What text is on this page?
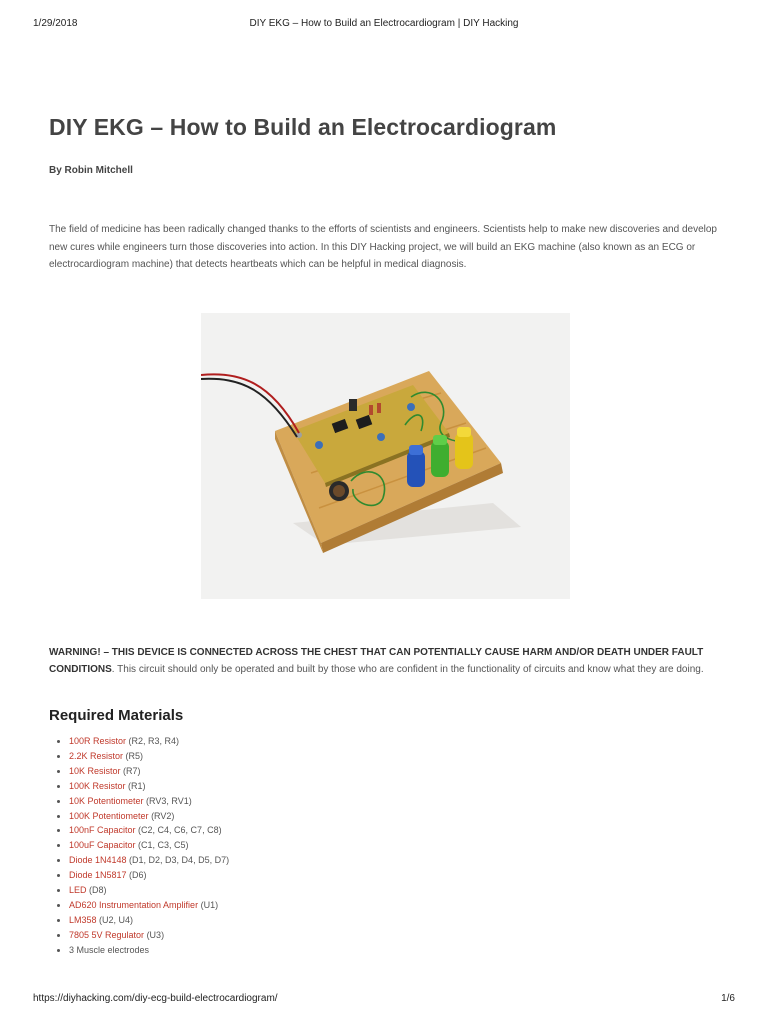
1/29/2018	DIY EKG – How to Build an Electrocardiogram | DIY Hacking
DIY EKG – How to Build an Electrocardiogram
By Robin Mitchell

The field of medicine has been radically changed thanks to the efforts of scientists and engineers. Scientists help to make new discoveries and develop new cures while engineers turn those discoveries into action. In this DIY Hacking project, we will build an EKG machine (also known as an ECG or electrocardiogram machine) that detects heartbeats which can be helpful in medical diagnosis.

WARNING! – THIS DEVICE IS CONNECTED ACROSS THE CHEST THAT CAN POTENTIALLY CAUSE HARM AND/OR DEATH UNDER FAULT CONDITIONS. This circuit should only be operated and built by those who are confident in the functionality of circuits and know what they are doing.

Required Materials
• 100R Resistor (R2, R3, R4)
• 2.2K Resistor (R5)
• 10K Resistor (R7)
• 100K Resistor (R1)
• 10K Potentiometer (RV3, RV1)
• 100K Potentiometer (RV2)
• 100nF Capacitor (C2, C4, C6, C7, C8)
• 100uF Capacitor (C1, C3, C5)
• Diode 1N4148 (D1, D2, D3, D4, D5, D7)
• Diode 1N5817 (D6)
• LED (D8)
• AD620 Instrumentation Amplifier (U1)
• LM358 (U2, U4)
• 7805 5V Regulator (U3)
• 3 Muscle electrodes
https://diyhacking.com/diy-ecg-build-electrocardiogram/	1/6
